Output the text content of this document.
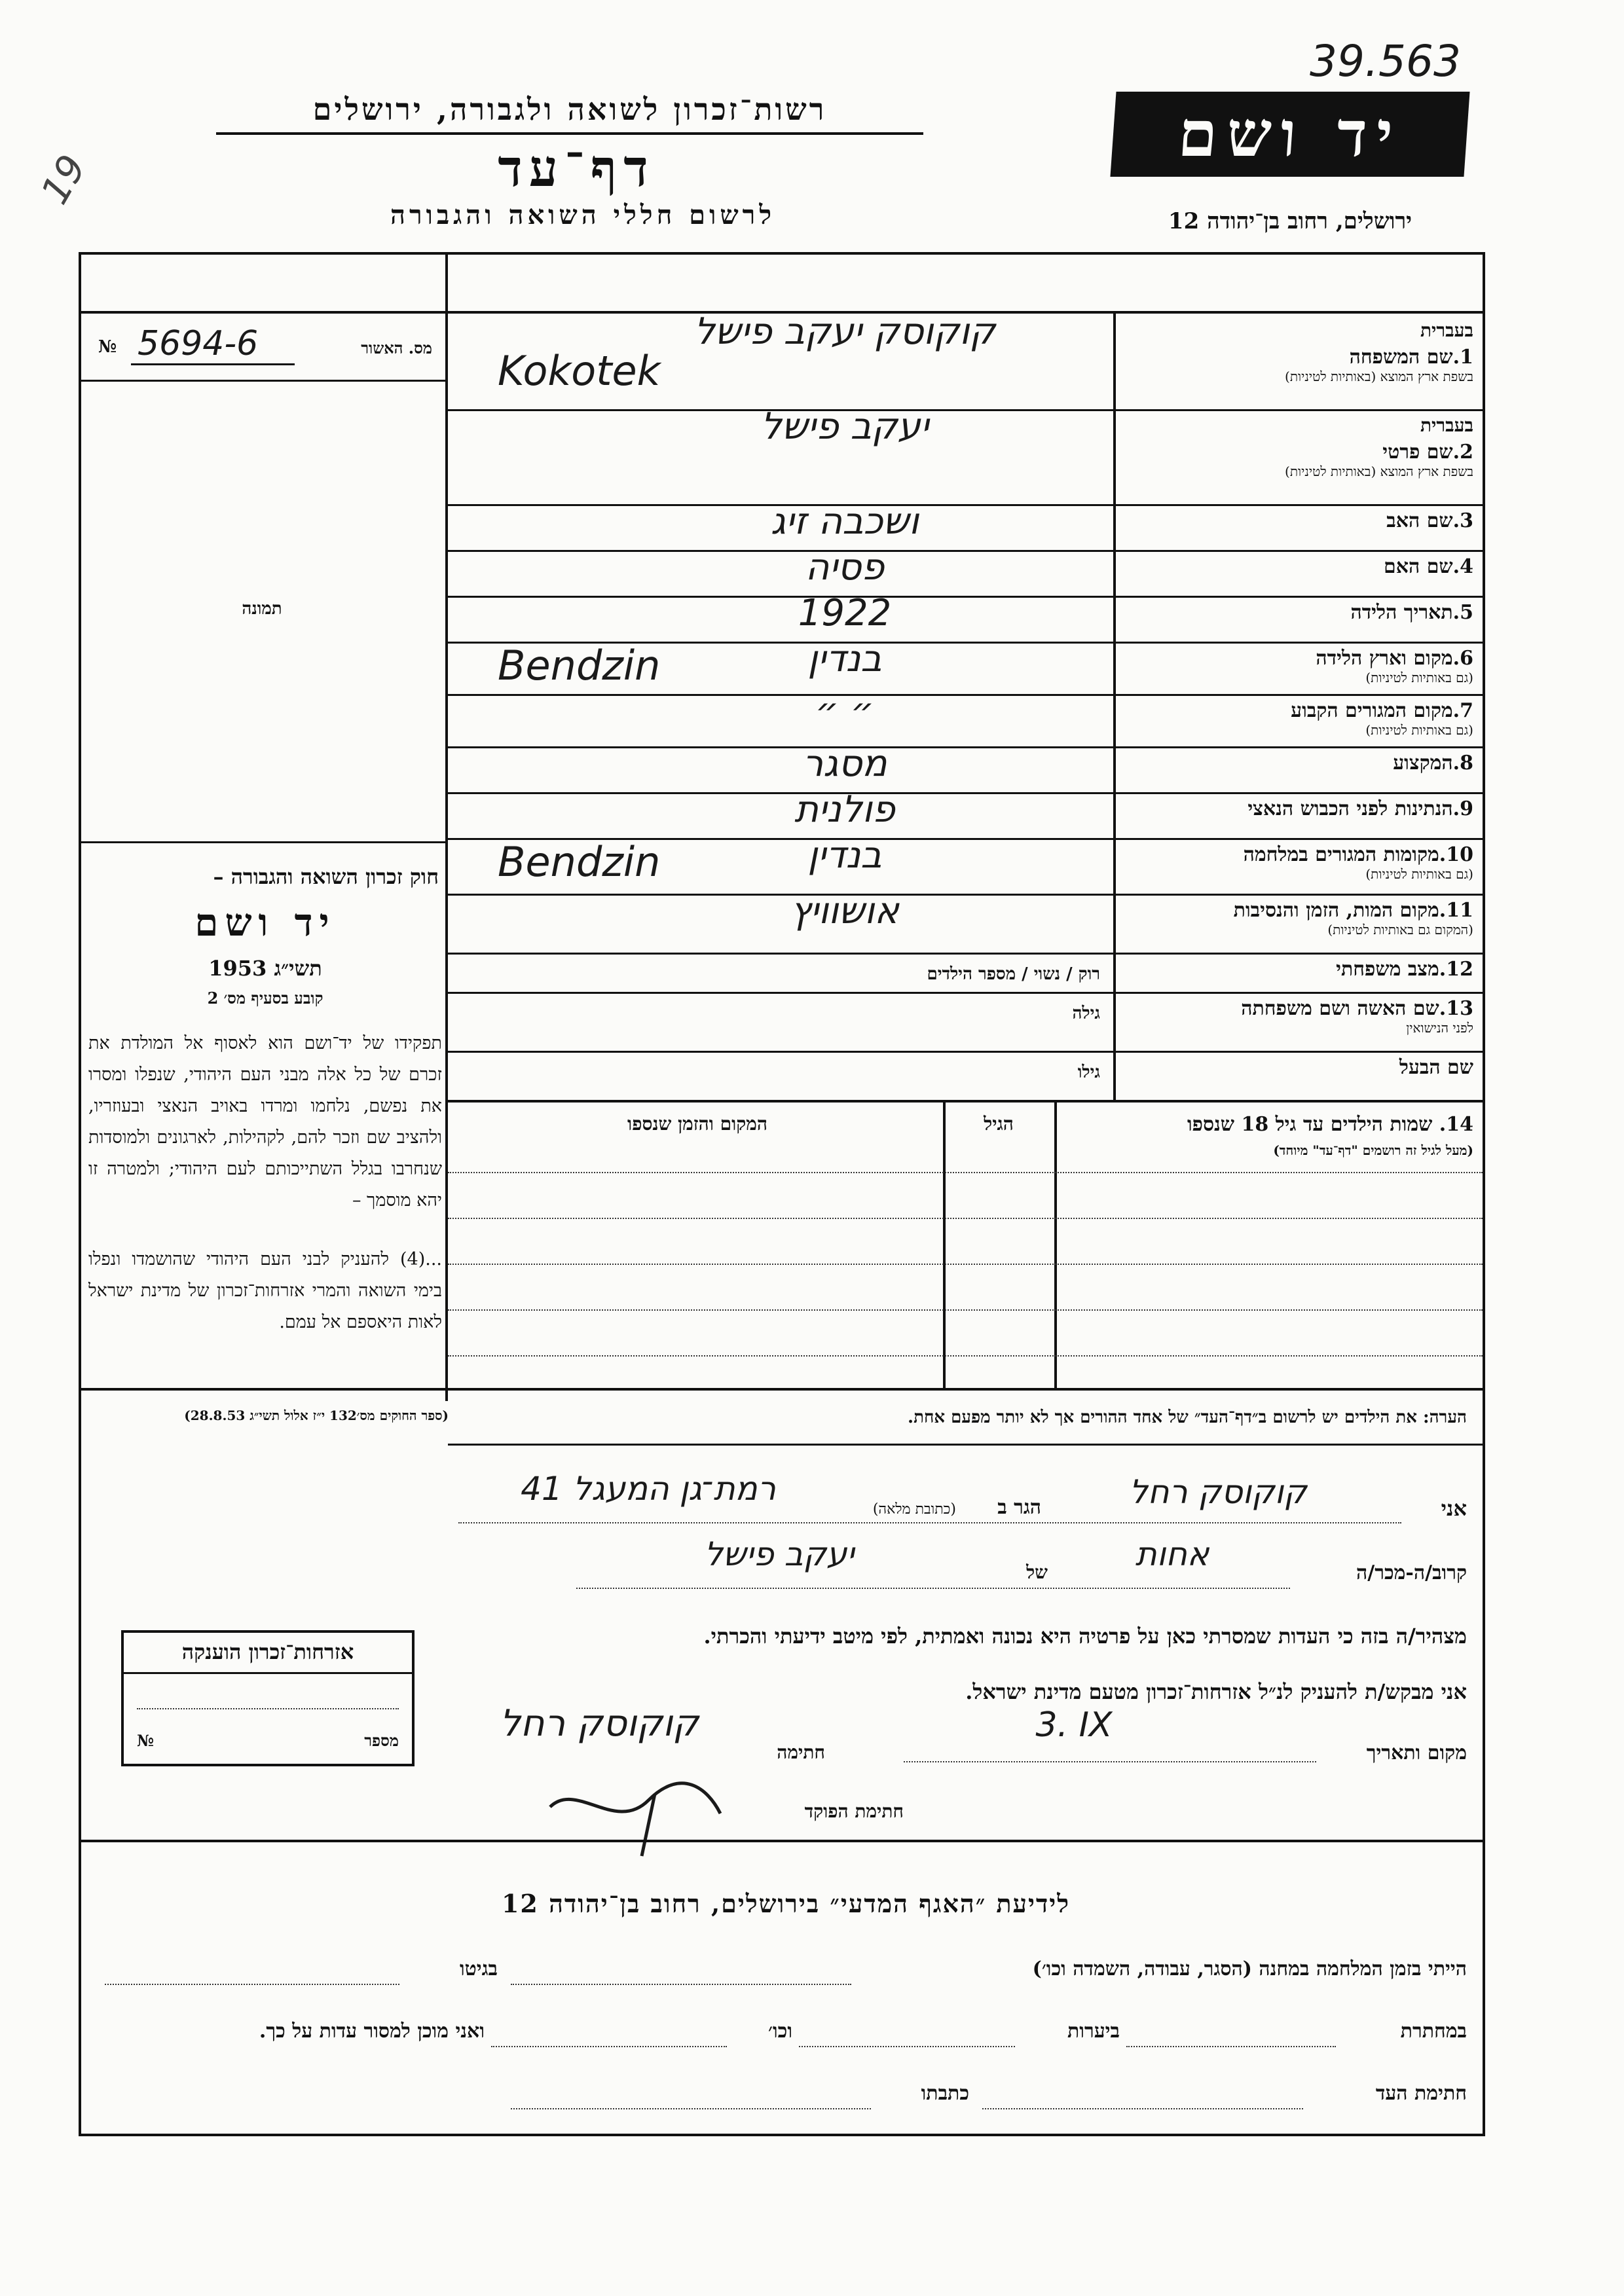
39.563
19
רשות־זכרון לשואה ולגבורה, ירושלים
דף־עד
לרשום חללי השואה והגבורה
יד ושם
ירושלים, רחוב בן־יהודה 12
№ 5694-6	מס. האשור
תמונה
חוק זכרון השואה והגבורה –
יד ושם
תשי״ג 1953
קובע בסעיף מס׳ 2
תפקידו של יד־ושם הוא לאסוף אל המו‏לדת את זכרם של כל אלה מבני העם היהודי, שנפלו ומסרו את נפשם, נלחמו ומרדו באויב הנאצי ובעוזריו, ולהציב שם וזכר להם, לקהילות, לארגונים ולמוסדות שנחרבו בגלל השתייכותם לעם היהודי; ולמטרה זו יהא מוסמך –
...(4) להעניק לבני העם היהודי שהוש‏מדו ונפלו בימי השואה והמרי אזרחות־זכרון של מדינת ישראל לאות היאספם אל עמם.
(ספר החוקים מס׳132 י״ז אלול תשי״ג 28.8.53)
אזרחות־זכרון הוענקה
№	מספר
בעברית
1.שם המשפחה
בשפת ארץ המוצא (באותיות לטיניות)
קוקוסק יעקב פישל
Kokotek
בעברית
2.שם פרטי
בשפת ארץ המוצא (באותיות לטיניות)
יעקב פישל
3.שם האב
ושכבה זיג
4.שם האם
פסיה
5.תאריך הלידה
1922
6.מקום וארץ הלידה
(גם באותיות לטיניות)
בנדין
Bendzin
7.מקום המגורים הקבוע
(גם באותיות לטיניות)
״ ״
8.המקצוע
מסגר
9.הנתינות לפני הכבוש הנאצי
פולנית
10.מקומות המגורים במלחמה
(גם באותיות לטיניות)
בנדין
Bendzin
11.מקום המות, הזמן והנסיבות
(המקום גם באותיות לטיניות)
אושוויץ
12.מצב משפחתי
רוק / נשוי / מספר הילדים
13.שם האשה ושם משפחתה
לפני הנישואין
גילה
שם הבעל
גילו
14. שמות הילדים עד גיל 18 שנספו
(מעל לגיל זה רושמים "דף־עד" מיוחד)
הגיל
המקום והזמן שנספו
הערה: את הילדים יש לרשום ב״דף־העד״ של אחד ההורים אך לא יותר מפעם אחת.
אני
קוקוסק רחל
הגר ב
(כתובת מלאה)
רמת־גן המעגל 41
קרוב/ה-מכר/ה
אחות
של
יעקב פישל
מצהיר/ה בזה כי העדות שמסרתי כאן על פרטיה היא נכונה ואמתית, לפי מיטב ידיעתי והכרתי.
אני מבקש/ת להעניק לנ״ל אזרחות־זכרון מטעם מדינת ישראל.
מקום ותאריך
3. IX
חתימה
קוקוסק רחל
חתימת הפוקד
לידיעת ״האגף המדעי״ בירושלים, רחוב בן־יהודה 12
הייתי בזמן המלחמה במחנה (הסגר, עבודה, השמדה וכו׳)
בגיטו
במחתרת
ביערות
וכו׳
ואני מוכן למסור עדות על כך.
חתימת העד
כתבתו
